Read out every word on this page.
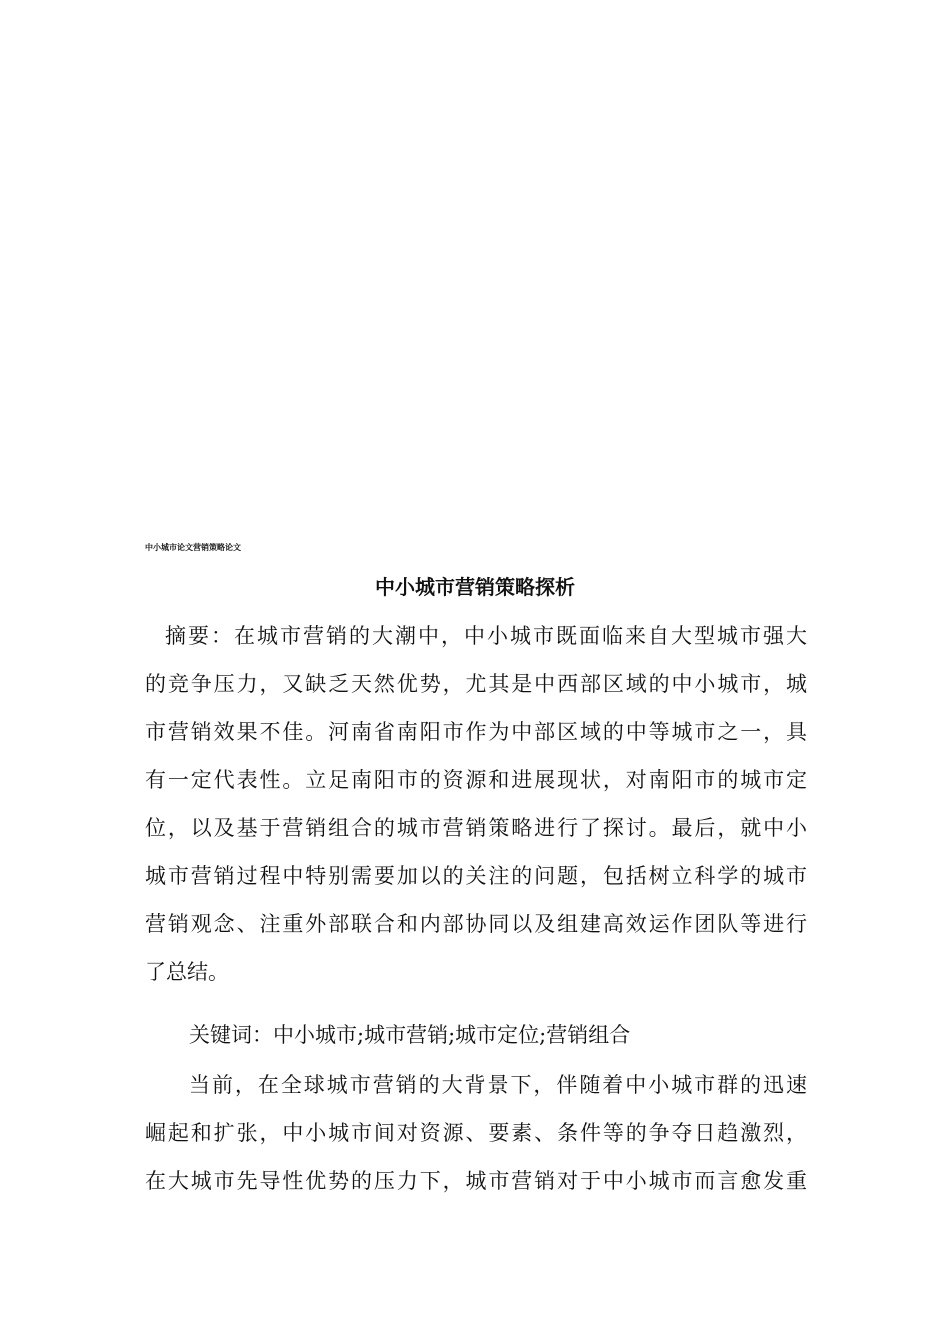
中小城市论文营销策略论文
中小城市营销策略探析
摘要：在城市营销的大潮中，中小城市既面临来自大型城市强大
的竞争压力，又缺乏天然优势，尤其是中西部区域的中小城市，城
市营销效果不佳。河南省南阳市作为中部区域的中等城市之一，具
有一定代表性。立足南阳市的资源和进展现状，对南阳市的城市定
位，以及基于营销组合的城市营销策略进行了探讨。最后，就中小
城市营销过程中特别需要加以的关注的问题，包括树立科学的城市
营销观念、注重外部联合和内部协同以及组建高效运作团队等进行
了总结。
关键词：中小城市;城市营销;城市定位;营销组合
当前，在全球城市营销的大背景下，伴随着中小城市群的迅速
崛起和扩张，中小城市间对资源、要素、条件等的争夺日趋激烈，
在大城市先导性优势的压力下，城市营销对于中小城市而言愈发重
